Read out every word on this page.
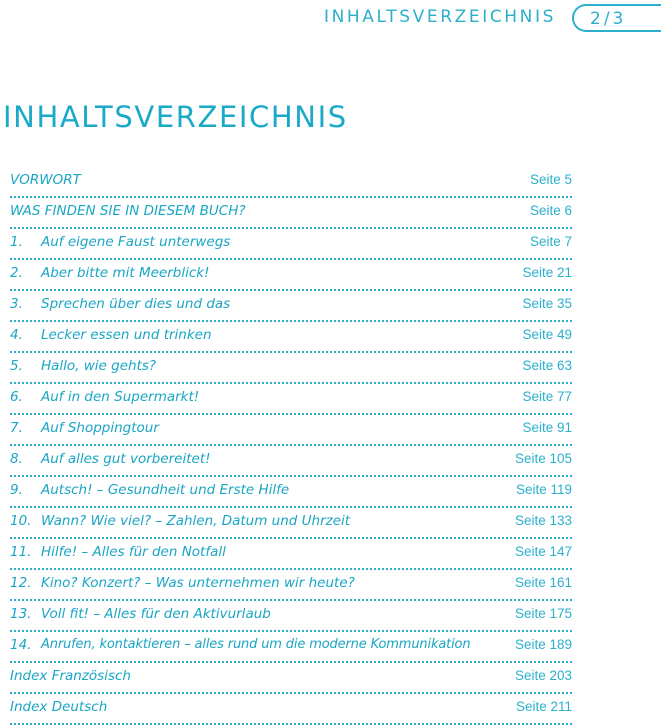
INHALTSVERZEICHNIS 2/3
INHALTSVERZEICHNIS
VORWORT	Seite 5
WAS FINDEN SIE IN DIESEM BUCH?	Seite 6
1. Auf eigene Faust unterwegs	Seite 7
2. Aber bitte mit Meerblick!	Seite 21
3. Sprechen über dies und das	Seite 35
4. Lecker essen und trinken	Seite 49
5. Hallo, wie gehts?	Seite 63
6. Auf in den Supermarkt!	Seite 77
7. Auf Shoppingtour	Seite 91
8. Auf alles gut vorbereitet!	Seite 105
9. Autsch! – Gesundheit und Erste Hilfe	Seite 119
10. Wann? Wie viel? – Zahlen, Datum und Uhrzeit	Seite 133
11. Hilfe! – Alles für den Notfall	Seite 147
12. Kino? Konzert? – Was unternehmen wir heute?	Seite 161
13. Voll fit! – Alles für den Aktivurlaub	Seite 175
14. Anrufen, kontaktieren – alles rund um die moderne Kommunikation	Seite 189
Index Französisch	Seite 203
Index Deutsch	Seite 211
